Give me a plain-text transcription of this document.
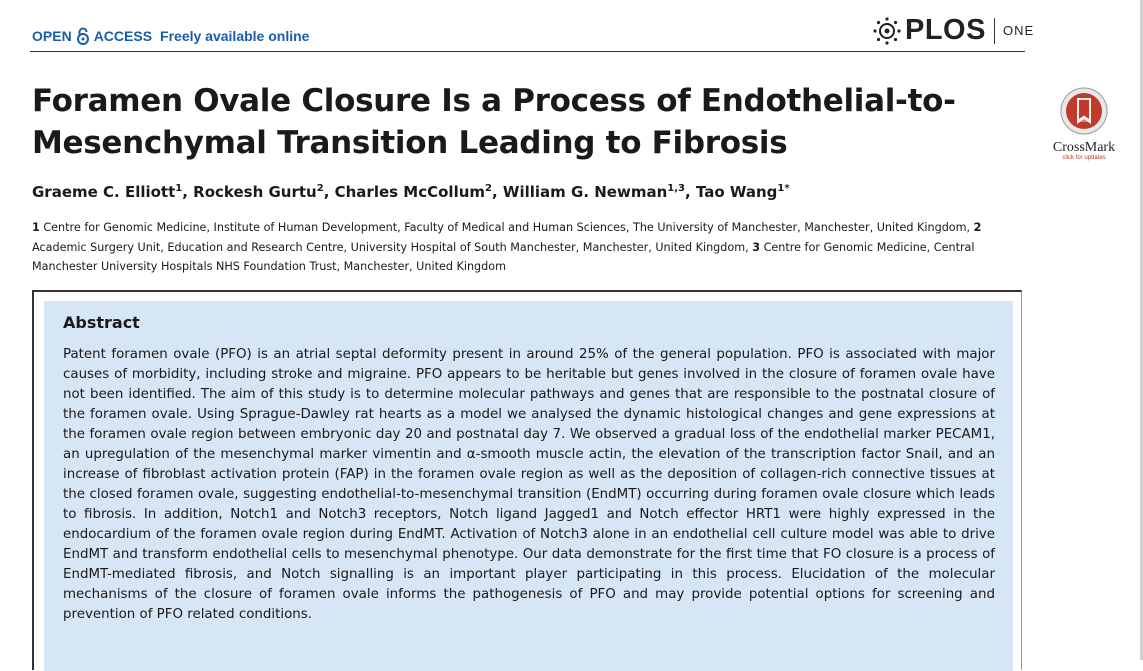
OPEN ACCESS Freely available online	PLOS ONE
Foramen Ovale Closure Is a Process of Endothelial-to-Mesenchymal Transition Leading to Fibrosis	CrossMark
click for updates
Graeme C. Elliott$^1$, Rockesh Gurtu$^2$, Charles McCollum$^2$, William G. Newman$^{1,3}$, Tao Wang$^{1*}$
1 Centre for Genomic Medicine, Institute of Human Development, Faculty of Medical and Human Sciences, The University of Manchester, Manchester, United Kingdom, 2 Academic Surgery Unit, Education and Research Centre, University Hospital of South Manchester, Manchester, United Kingdom, 3 Centre for Genomic Medicine, Central Manchester University Hospitals NHS Foundation Trust, Manchester, United Kingdom
Abstract
Patent foramen ovale (PFO) is an atrial septal deformity present in around 25% of the general population. PFO is associated with major causes of morbidity, including stroke and migraine. PFO appears to be heritable but genes involved in the closure of foramen ovale have not been identified. The aim of this study is to determine molecular pathways and genes that are responsible to the postnatal closure of the foramen ovale. Using Sprague-Dawley rat hearts as a model we analysed the dynamic histological changes and gene expressions at the foramen ovale region between embryonic day 20 and postnatal day 7. We observed a gradual loss of the endothelial marker PECAM1, an upregulation of the mesenchymal marker vimentin and α-smooth muscle actin, the elevation of the transcription factor Snail, and an increase of fibroblast activation protein (FAP) in the foramen ovale region as well as the deposition of collagen-rich connective tissues at the closed foramen ovale, suggesting endothelial-to-mesenchymal transition (EndMT) occurring during foramen ovale closure which leads to fibrosis. In addition, Notch1 and Notch3 receptors, Notch ligand Jagged1 and Notch effector HRT1 were highly expressed in the endocardium of the foramen ovale region during EndMT. Activation of Notch3 alone in an endothelial cell culture model was able to drive EndMT and transform endothelial cells to mesenchymal phenotype. Our data demonstrate for the first time that FO closure is a process of EndMT-mediated fibrosis, and Notch signalling is an important player participating in this process. Elucidation of the molecular mechanisms of the closure of foramen ovale informs the pathogenesis of PFO and may provide potential options for screening and prevention of PFO related conditions.
